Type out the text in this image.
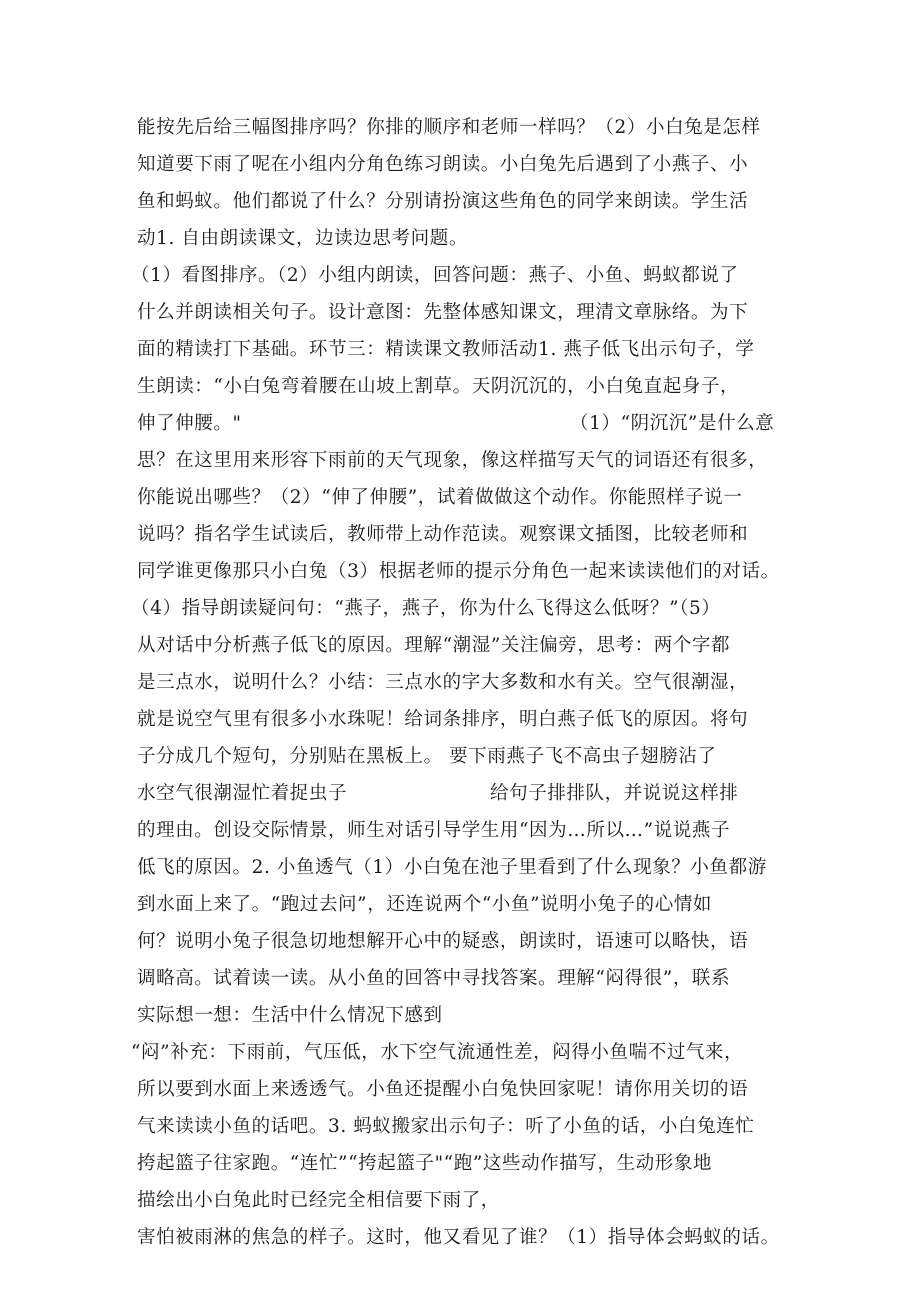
能按先后给三幅图排序吗？你排的顺序和老师一样吗？（2）小白兔是怎样
知道要下雨了呢在小组内分角色练习朗读。小白兔先后遇到了小燕子、小
鱼和蚂蚁。他们都说了什么？分别请扮演这些角色的同学来朗读。学生活
动1. 自由朗读课文，边读边思考问题。
（1）看图排序。（2）小组内朗读，回答问题：燕子、小鱼、蚂蚁都说了
什么并朗读相关句子。设计意图：先整体感知课文，理清文章脉络。为下
面的精读打下基础。环节三：精读课文教师活动1. 燕子低飞出示句子，学
生朗读：“小白兔弯着腰在山坡上割草。天阴沉沉的，小白兔直起身子，
伸了伸腰。"	（1）“阴沉沉”是什么意
思？在这里用来形容下雨前的天气现象，像这样描写天气的词语还有很多，
你能说出哪些？（2）“伸了伸腰”，试着做做这个动作。你能照样子说一
说吗？指名学生试读后，教师带上动作范读。观察课文插图，比较老师和
同学谁更像那只小白兔（3）根据老师的提示分角色一起来读读他们的对话。
（4）指导朗读疑问句：“燕子，燕子，你为什么飞得这么低呀？”（5）
从对话中分析燕子低飞的原因。理解“潮湿”关注偏旁，思考：两个字都
是三点水，说明什么？小结：三点水的字大多数和水有关。空气很潮湿，
就是说空气里有很多小水珠呢！给词条排序，明白燕子低飞的原因。将句
子分成几个短句，分别贴在黑板上。 要下雨燕子飞不高虫子翅膀沾了
水空气很潮湿忙着捉虫子	给句子排排队，并说说这样排
的理由。创设交际情景，师生对话引导学生用“因为…所以…”说说燕子
低飞的原因。2. 小鱼透气（1）小白兔在池子里看到了什么现象？小鱼都游
到水面上来了。“跑过去问”，还连说两个“小鱼”说明小兔子的心情如
何？说明小兔子很急切地想解开心中的疑惑，朗读时，语速可以略快，语
调略高。试着读一读。从小鱼的回答中寻找答案。理解“闷得很”，联系
实际想一想：生活中什么情况下感到
“闷”补充：下雨前，气压低，水下空气流通性差，闷得小鱼喘不过气来，
所以要到水面上来透透气。小鱼还提醒小白兔快回家呢！请你用关切的语
气来读读小鱼的话吧。3. 蚂蚁搬家出示句子：听了小鱼的话，小白兔连忙
挎起篮子往家跑。“连忙”“挎起篮子"“跑”这些动作描写，生动形象地
描绘出小白兔此时已经完全相信要下雨了，
害怕被雨淋的焦急的样子。这时，他又看见了谁？（1）指导体会蚂蚁的话。
